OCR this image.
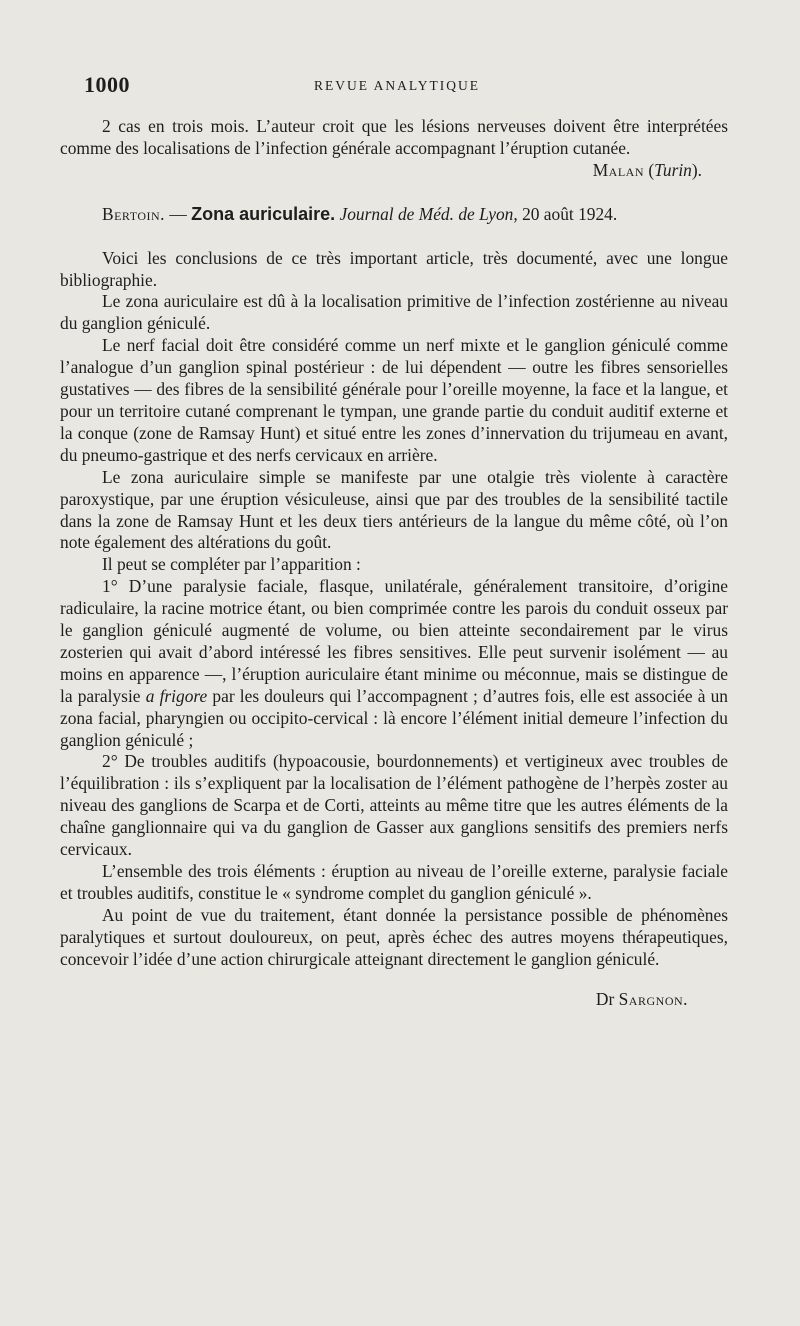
1000	REVUE ANALYTIQUE

2 cas en trois mois. L’auteur croit que les lésions nerveuses doivent être interprétées comme des localisations de l’infection générale accompagnant l’éruption cutanée.

Malan (Turin).

Bertoin. — Zona auriculaire. Journal de Méd. de Lyon, 20 août 1924.

Voici les conclusions de ce très important article, très documenté, avec une longue bibliographie.

Le zona auriculaire est dû à la localisation primitive de l’infection zostérienne au niveau du ganglion géniculé.

Le nerf facial doit être considéré comme un nerf mixte et le ganglion géniculé comme l’analogue d’un ganglion spinal postérieur : de lui dépendent — outre les fibres sensorielles gustatives — des fibres de la sensibilité générale pour l’oreille moyenne, la face et la langue, et pour un territoire cutané comprenant le tympan, une grande partie du conduit auditif externe et la conque (zone de Ramsay Hunt) et situé entre les zones d’innervation du trijumeau en avant, du pneumo-gastrique et des nerfs cervicaux en arrière.

Le zona auriculaire simple se manifeste par une otalgie très violente à caractère paroxystique, par une éruption vésiculeuse, ainsi que par des troubles de la sensibilité tactile dans la zone de Ramsay Hunt et les deux tiers antérieurs de la langue du même côté, où l’on note également des altérations du goût.

Il peut se compléter par l’apparition :

1° D’une paralysie faciale, flasque, unilatérale, généralement transitoire, d’origine radiculaire, la racine motrice étant, ou bien comprimée contre les parois du conduit osseux par le ganglion géniculé augmenté de volume, ou bien atteinte secondairement par le virus zosterien qui avait d’abord intéressé les fibres sensitives. Elle peut survenir isolément — au moins en apparence —, l’éruption auriculaire étant minime ou méconnue, mais se distingue de la paralysie a frigore par les douleurs qui l’accompagnent ; d’autres fois, elle est associée à un zona facial, pharyngien ou occipito-cervical : là encore l’élément initial demeure l’infection du ganglion géniculé ;

2° De troubles auditifs (hypoacousie, bourdonnements) et vertigineux avec troubles de l’équilibration : ils s’expliquent par la localisation de l’élément pathogène de l’herpès zoster au niveau des ganglions de Scarpa et de Corti, atteints au même titre que les autres éléments de la chaîne ganglionnaire qui va du ganglion de Gasser aux ganglions sensitifs des premiers nerfs cervicaux.

L’ensemble des trois éléments : éruption au niveau de l’oreille externe, paralysie faciale et troubles auditifs, constitue le « syndrome complet du ganglion géniculé ».

Au point de vue du traitement, étant donnée la persistance possible de phénomènes paralytiques et surtout douloureux, on peut, après échec des autres moyens thérapeutiques, concevoir l’idée d’une action chirurgicale atteignant directement le ganglion géniculé.

Dr Sargnon.
